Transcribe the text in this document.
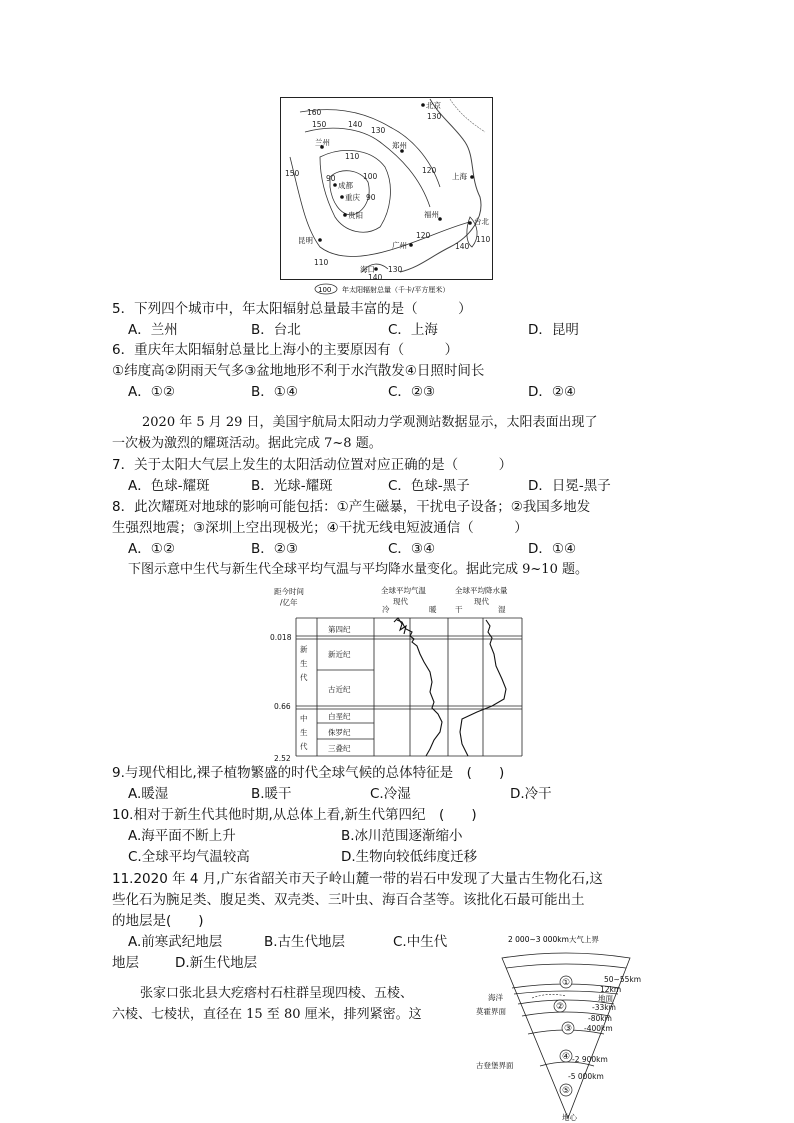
160
150	140
130
130
120
110
100
90
90
150
110
120
140
110
130
140
北京
兰州	郑州
成都
上海
重庆
贵阳	福州
台北
昆明
广州
海口
100 年太阳辐射总量（千卡/平方厘米）
5．下列四个城市中，年太阳辐射总量最丰富的是（　　　）
A．兰州	B．台北	C．上海	D．昆明
6．重庆年太阳辐射总量比上海小的主要原因有（　　　）
①纬度高②阴雨天气多③盆地地形不利于水汽散发④日照时间长
A．①②	B．①④	C．②③	D．②④
2020 年 5 月 29 日，美国宇航局太阳动力学观测站数据显示，太阳表面出现了
一次极为激烈的耀斑活动。据此完成 7~8 题。
7．关于太阳大气层上发生的太阳活动位置对应正确的是（　　　）
A．色球-耀斑	B．光球-耀斑	C．色球-黑子	D．日冕-黑子
8．此次耀斑对地球的影响可能包括：①产生磁暴，干扰电子设备；②我国多地发
生强烈地震；③深圳上空出现极光；④干扰无线电短波通信（　　　）
A．①②	B．②③	C．③④	D．①④
下图示意中生代与新生代全球平均气温与平均降水量变化。据此完成 9~10 题。
距今时间
/亿年
全球平均气温
现代
冷	暖
全球平均降水量
现代
干	湿
0.018
0.66
2.52
新
生
代
中
生
代
第四纪
新近纪
古近纪
白垩纪
侏罗纪
三叠纪
9.与现代相比,裸子植物繁盛的时代全球气候的总体特征是　(　　)
A.暖湿	B.暖干	C.冷湿	D.冷干
10.相对于新生代其他时期,从总体上看,新生代第四纪　(　　)
A.海平面不断上升	B.冰川范围逐渐缩小
C.全球平均气温较高	D.生物向较低纬度迁移
11.2020 年 4 月,广东省韶关市天子岭山麓一带的岩石中发现了大量古生物化石,这
些化石为腕足类、腹足类、双壳类、三叶虫、海百合茎等。该批化石最可能出土
的地层是(　　)
A.前寒武纪地层	B.古生代地层	C.中生代
地层	D.新生代地层
张家口张北县大疙瘩村石柱群呈现四棱、五棱、
六棱、七棱状，直径在 15 至 80 厘米，排列紧密。这
2 000~3 000km大气上界
①
②
③
④
⑤
海洋
莫霍界面
古登堡界面
地心
50~55km
12km
地面
-33km
-80km
-400km
-2 900km
-5 000km
